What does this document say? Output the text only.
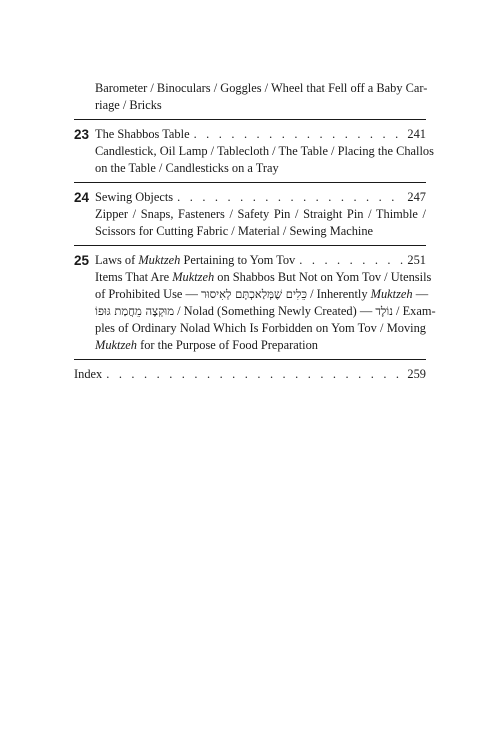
Barometer / Binoculars / Goggles / Wheel that Fell off a Baby Car-
riage / Bricks
23 The Shabbos Table . . .	241
Candlestick, Oil Lamp / Tablecloth / The Table / Placing the Challos
on the Table / Candlesticks on a Tray
24 Sewing Objects . . .	247
Zipper / Snaps, Fasteners / Safety Pin / Straight Pin / Thimble /
Scissors for Cutting Fabric / Material / Sewing Machine
25 Laws of Muktzeh Pertaining to Yom Tov . . .	251
Items That Are Muktzeh on Shabbos But Not on Yom Tov / Utensils
of Prohibited Use — כֵּלִים שֶׁמְּלַאכְתָּם לְאִיסוּר / Inherently Muktzeh —
מוּקְצֶה מֵחֲמַת גּוּפוֹ / Nolad (Something Newly Created) — נוֹלָד / Exam-
ples of Ordinary Nolad Which Is Forbidden on Yom Tov / Moving
Muktzeh for the Purpose of Food Preparation
Index . . .	259
